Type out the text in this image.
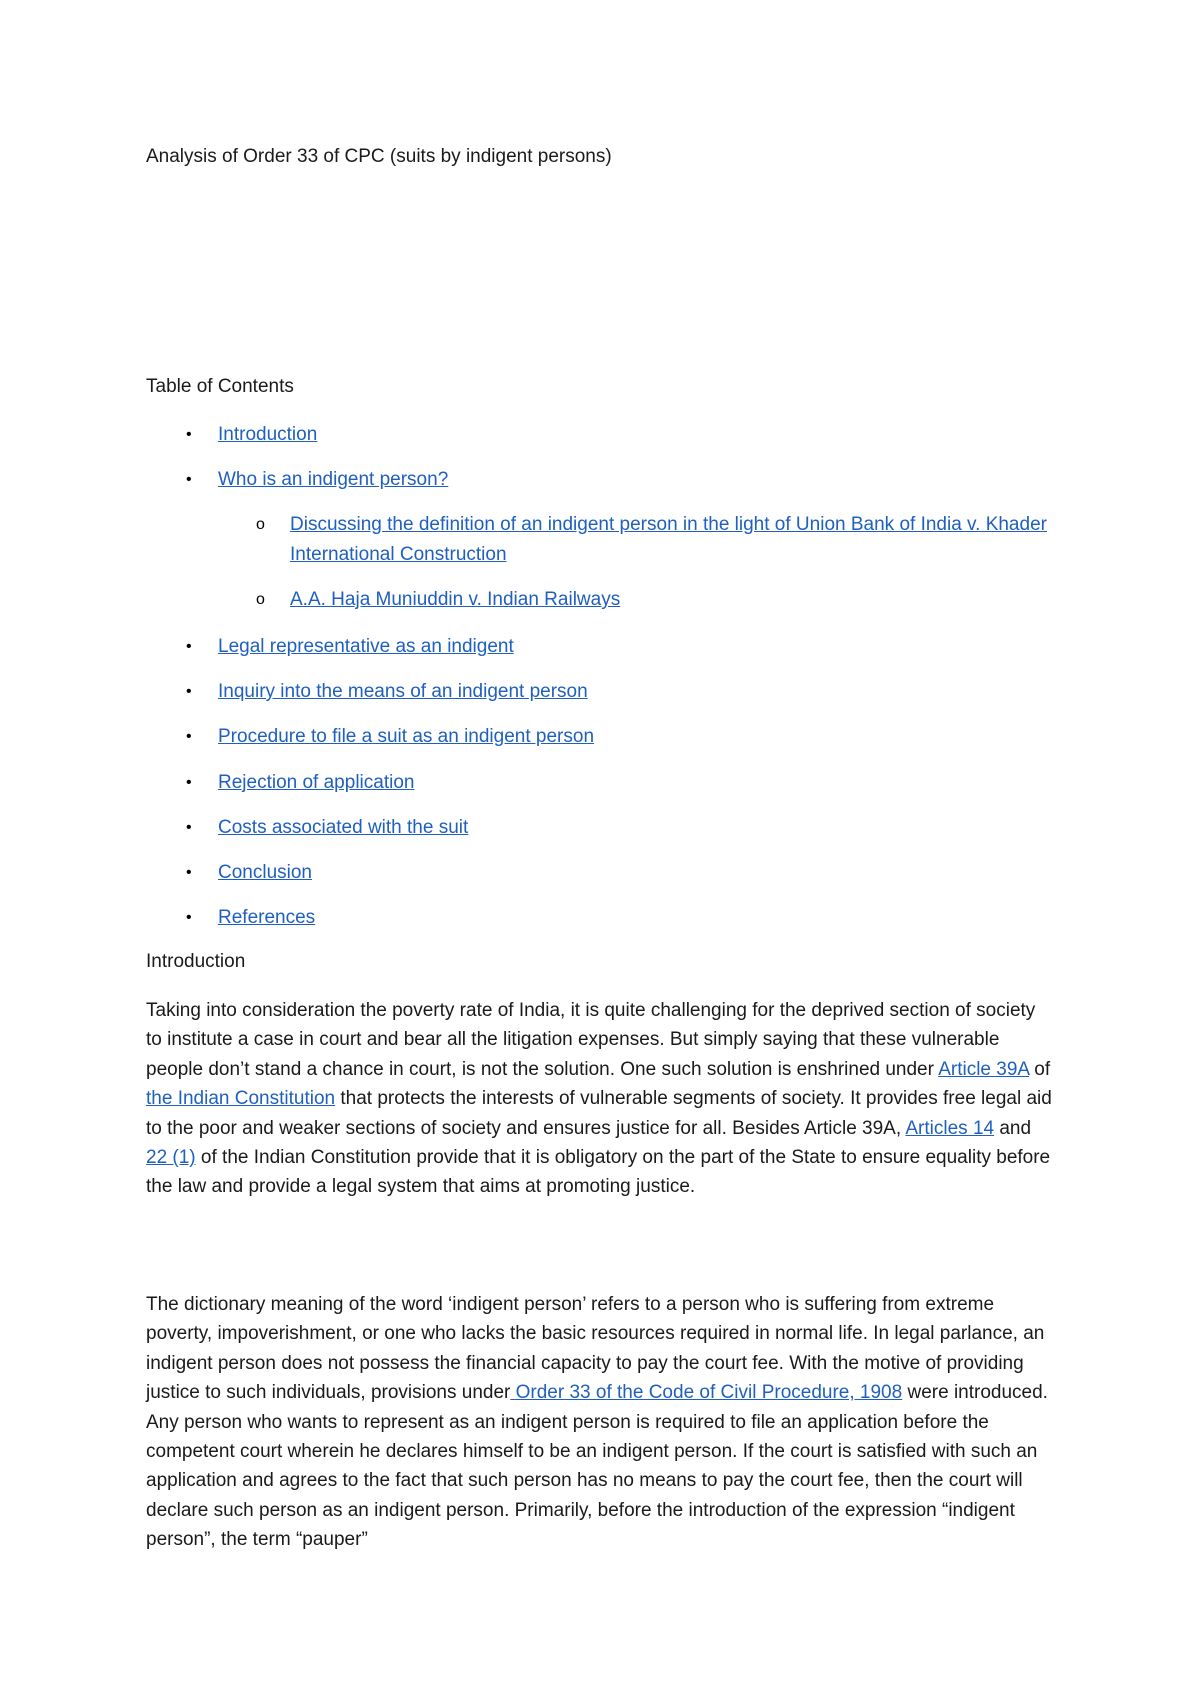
Analysis of Order 33 of CPC (suits by indigent persons)
Table of Contents
• Introduction
• Who is an indigent person?
o Discussing the definition of an indigent person in the light of Union Bank of India v. Khader International Construction
o A.A. Haja Muniuddin v. Indian Railways
• Legal representative as an indigent
• Inquiry into the means of an indigent person
• Procedure to file a suit as an indigent person
• Rejection of application
• Costs associated with the suit
• Conclusion
• References
Introduction

Taking into consideration the poverty rate of India, it is quite challenging for the deprived section of society to institute a case in court and bear all the litigation expenses. But simply saying that these vulnerable people don’t stand a chance in court, is not the solution. One such solution is enshrined under Article 39A of the Indian Constitution that protects the interests of vulnerable segments of society. It provides free legal aid to the poor and weaker sections of society and ensures justice for all. Besides Article 39A, Articles 14 and 22 (1) of the Indian Constitution provide that it is obligatory on the part of the State to ensure equality before the law and provide a legal system that aims at promoting justice.

The dictionary meaning of the word ‘indigent person’ refers to a person who is suffering from extreme poverty, impoverishment, or one who lacks the basic resources required in normal life. In legal parlance, an indigent person does not possess the financial capacity to pay the court fee. With the motive of providing justice to such individuals, provisions under Order 33 of the Code of Civil Procedure, 1908 were introduced. Any person who wants to represent as an indigent person is required to file an application before the competent court wherein he declares himself to be an indigent person. If the court is satisfied with such an application and agrees to the fact that such person has no means to pay the court fee, then the court will declare such person as an indigent person. Primarily, before the introduction of the expression “indigent person”, the term “pauper”
